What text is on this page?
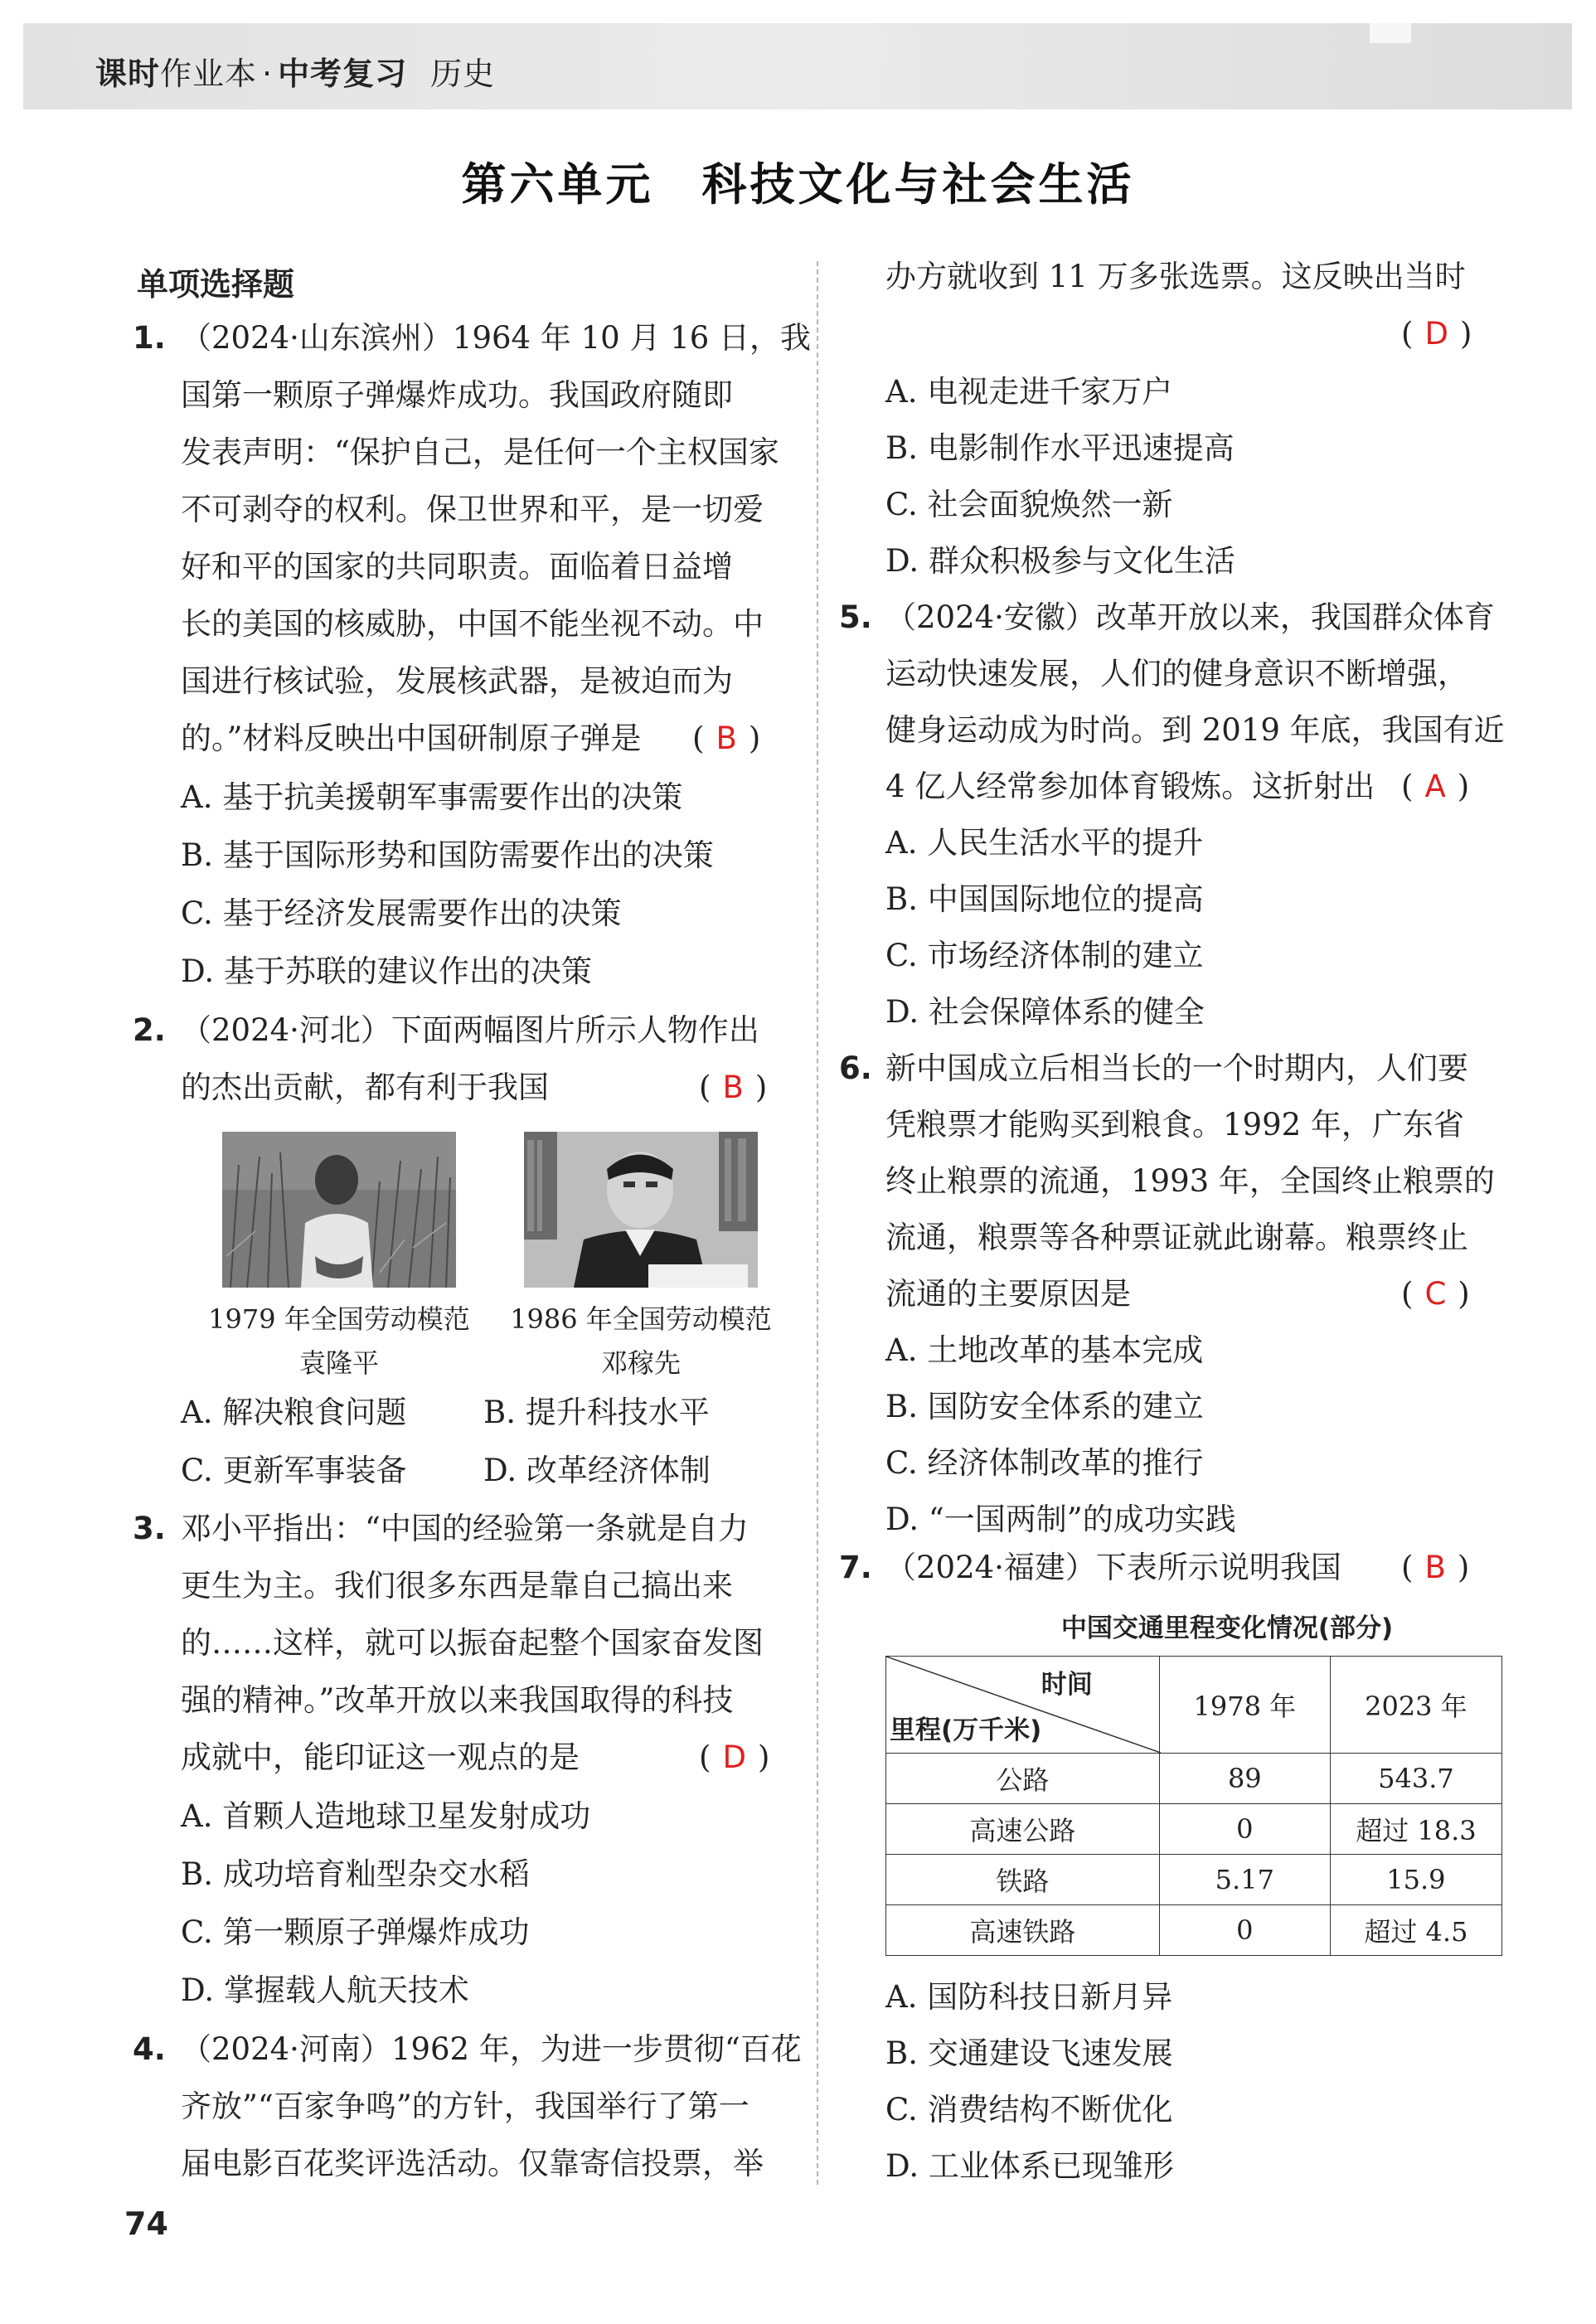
课时作业本 · 中考复习 历史
第六单元　科技文化与社会生活
单项选择题
1. （2024·山东滨州）1964 年 10 月 16 日，我
国第一颗原子弹爆炸成功。我国政府随即
发表声明：“保护自己，是任何一个主权国家
不可剥夺的权利。保卫世界和平，是一切爱
好和平的国家的共同职责。面临着日益增
长的美国的核威胁，中国不能坐视不动。中
国进行核试验，发展核武器，是被迫而为
的。”材料反映出中国研制原子弹是 ( B )
A. 基于抗美援朝军事需要作出的决策
B. 基于国际形势和国防需要作出的决策
C. 基于经济发展需要作出的决策
D. 基于苏联的建议作出的决策
2. （2024·河北）下面两幅图片所示人物作出
的杰出贡献，都有利于我国	( B )
1979 年全国劳动模范
袁隆平
1986 年全国劳动模范
邓稼先
A. 解决粮食问题	B. 提升科技水平
C. 更新军事装备 D. 改革经济体制
3. 邓小平指出：“中国的经验第一条就是自力
更生为主。我们很多东西是靠自己搞出来
的……这样，就可以振奋起整个国家奋发图
强的精神。”改革开放以来我国取得的科技
成就中，能印证这一观点的是	( D )
A. 首颗人造地球卫星发射成功
B. 成功培育籼型杂交水稻
C. 第一颗原子弹爆炸成功
D. 掌握载人航天技术
4. （2024·河南）1962 年，为进一步贯彻“百花
齐放”“百家争鸣”的方针，我国举行了第一
届电影百花奖评选活动。仅靠寄信投票，举
办方就收到 11 万多张选票。这反映出当时
( D )
A. 电视走进千家万户
B. 电影制作水平迅速提高
C. 社会面貌焕然一新
D. 群众积极参与文化生活
5. （2024·安徽）改革开放以来，我国群众体育
运动快速发展，人们的健身意识不断增强，
健身运动成为时尚。到 2019 年底，我国有近
4 亿人经常参加体育锻炼。这折射出 ( A )
A. 人民生活水平的提升
B. 中国国际地位的提高
C. 市场经济体制的建立
D. 社会保障体系的健全
6. 新中国成立后相当长的一个时期内，人们要
凭粮票才能购买到粮食。1992 年，广东省
终止粮票的流通，1993 年，全国终止粮票的
流通，粮票等各种票证就此谢幕。粮票终止
流通的主要原因是	( C )
A. 土地改革的基本完成
B. 国防安全体系的建立
C. 经济体制改革的推行
D. “一国两制”的成功实践
7. （2024·福建）下表所示说明我国 ( B )
中国交通里程变化情况(部分)
时间
里程(万千米)	1978 年	2023 年
公路	89	543.7
高速公路	0	超过 18.3
铁路	5.17	15.9
高速铁路	0	超过 4.5
A. 国防科技日新月异
B. 交通建设飞速发展
C. 消费结构不断优化
D. 工业体系已现雏形
74
